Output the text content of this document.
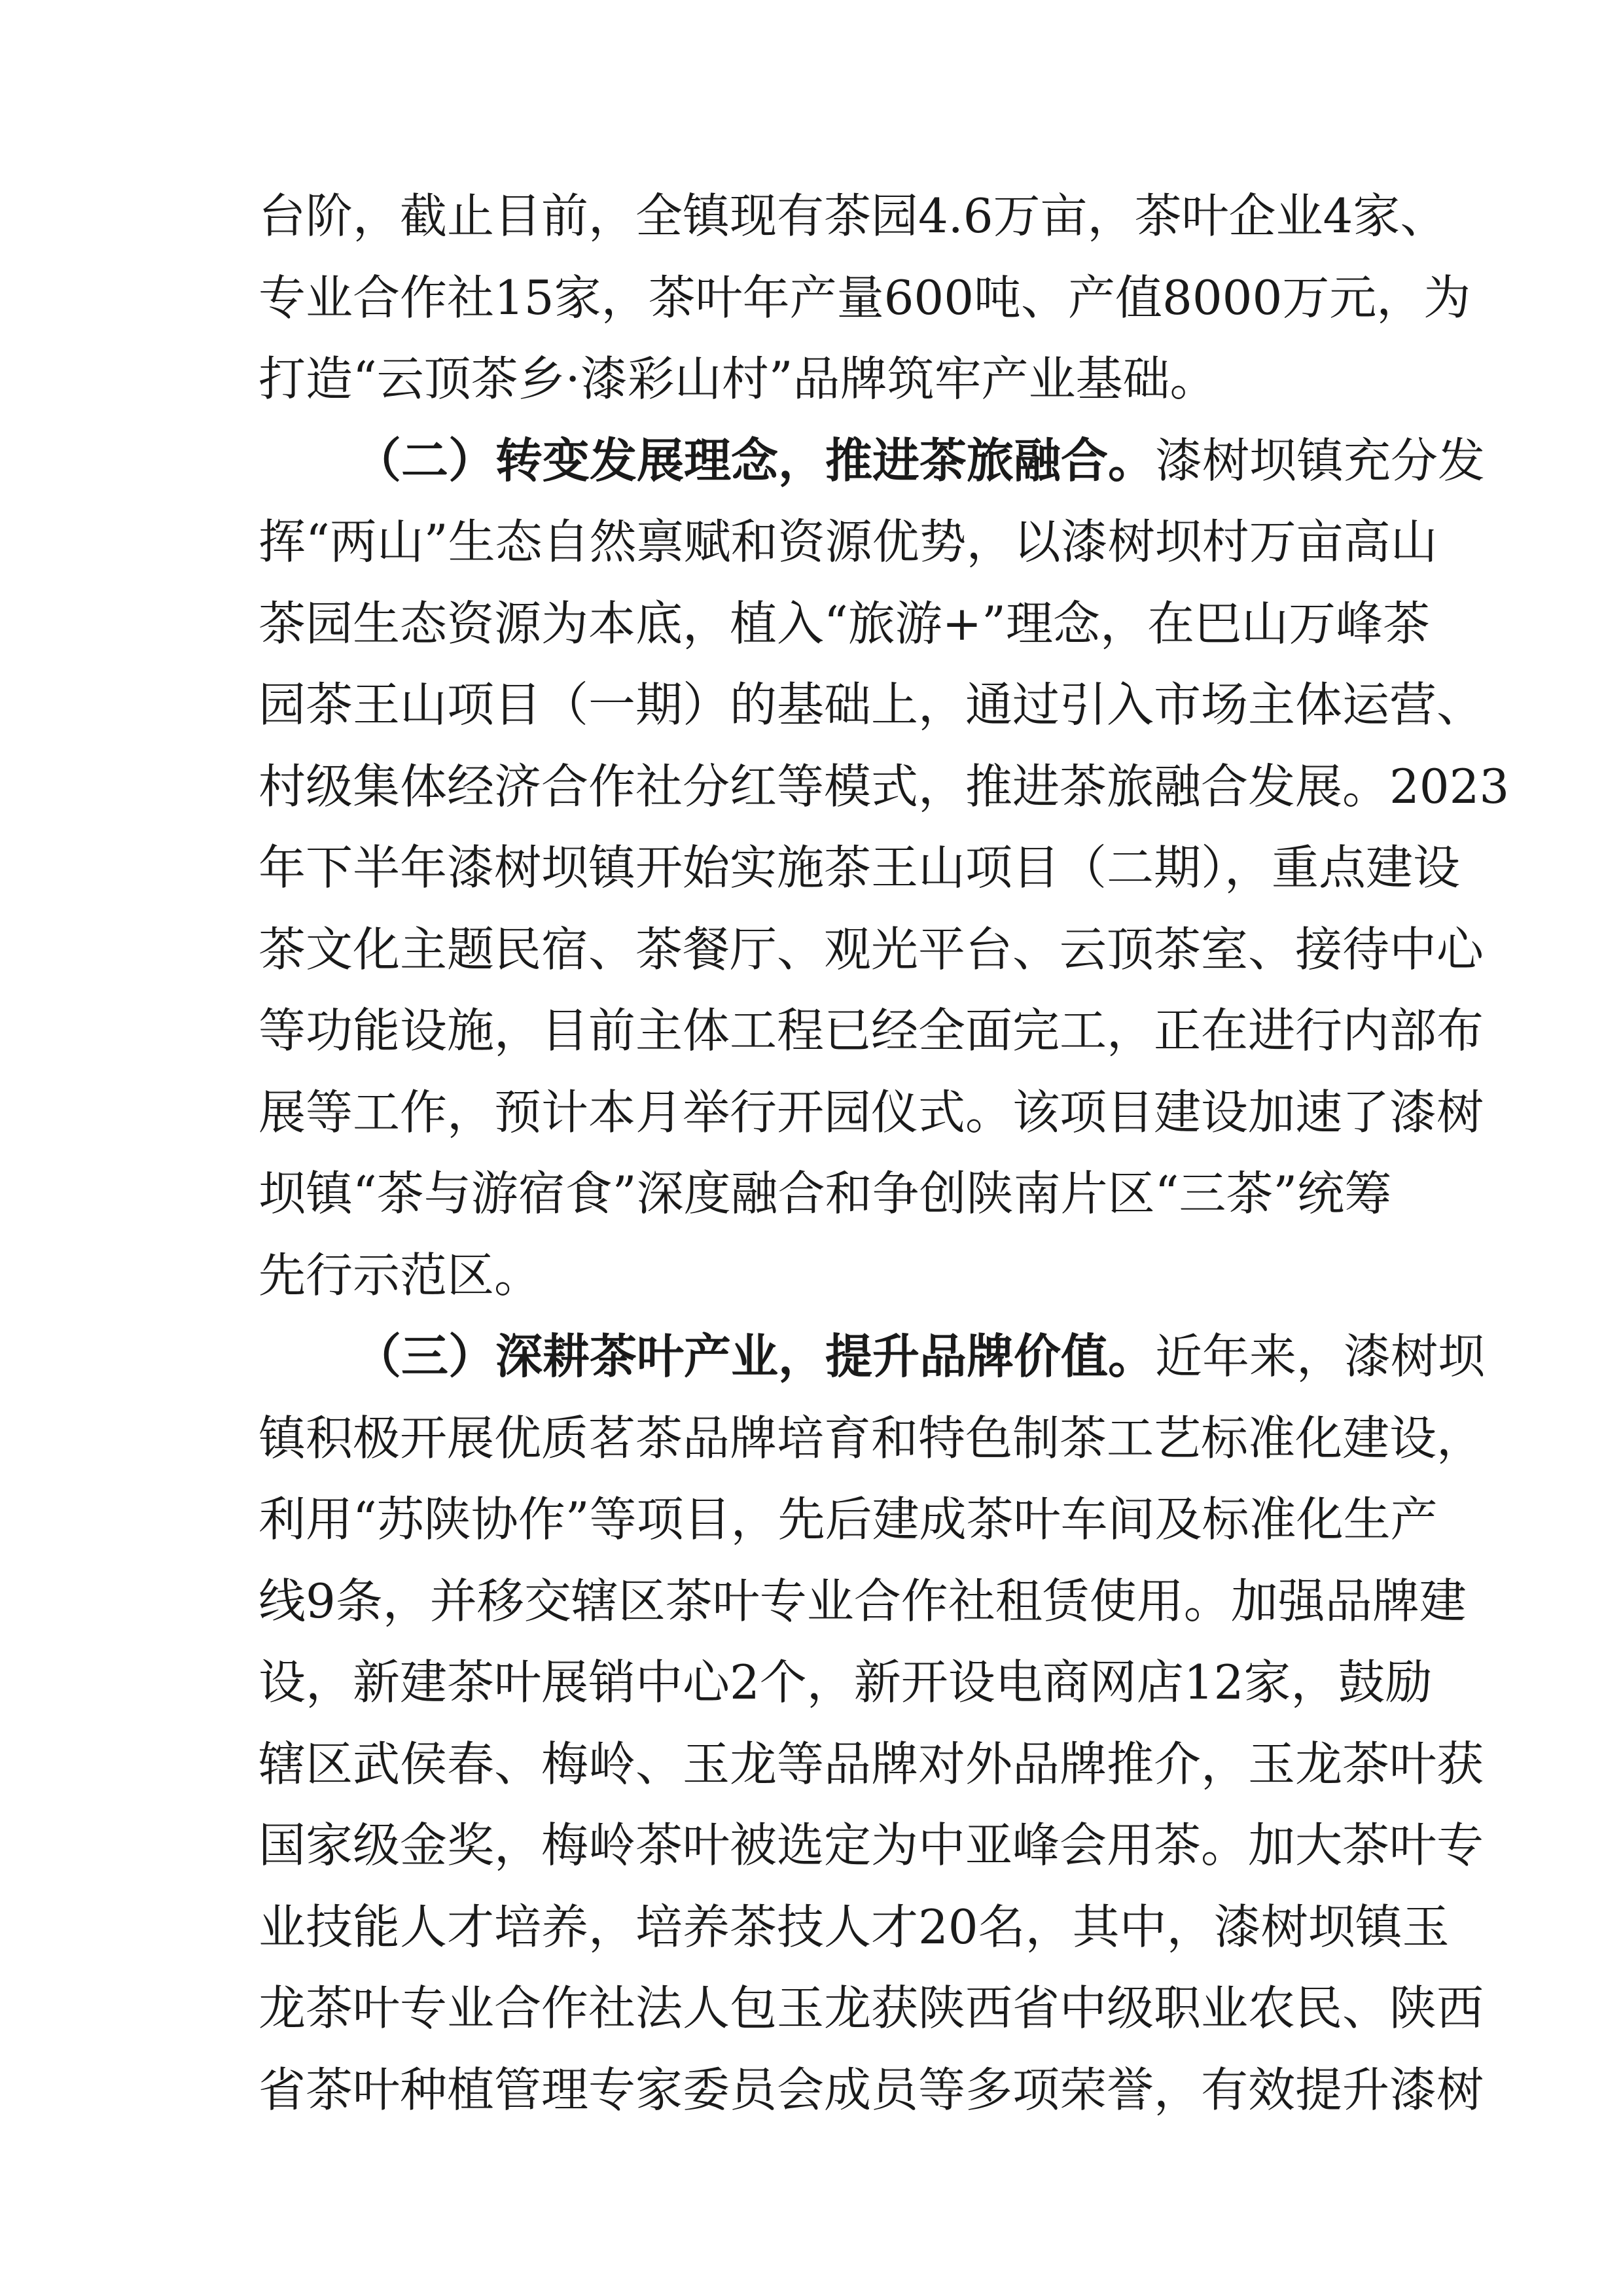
台阶，截止目前，全镇现有茶园4.6万亩，茶叶企业4家、
专业合作社15家，茶叶年产量600吨、产值8000万元，为
打造“云顶茶乡·漆彩山村”品牌筑牢产业基础。
（二）转变发展理念，推进茶旅融合。漆树坝镇充分发
挥“两山”生态自然禀赋和资源优势，以漆树坝村万亩高山
茶园生态资源为本底，植入“旅游+”理念，在巴山万峰茶
园茶王山项目（一期）的基础上，通过引入市场主体运营、
村级集体经济合作社分红等模式，推进茶旅融合发展。2023
年下半年漆树坝镇开始实施茶王山项目（二期），重点建设
茶文化主题民宿、茶餐厅、观光平台、云顶茶室、接待中心
等功能设施，目前主体工程已经全面完工，正在进行内部布
展等工作，预计本月举行开园仪式。该项目建设加速了漆树
坝镇“茶与游宿食”深度融合和争创陕南片区“三茶”统筹
先行示范区。
（三）深耕茶叶产业，提升品牌价值。近年来，漆树坝
镇积极开展优质茗茶品牌培育和特色制茶工艺标准化建设，
利用“苏陕协作”等项目，先后建成茶叶车间及标准化生产
线9条，并移交辖区茶叶专业合作社租赁使用。加强品牌建
设，新建茶叶展销中心2个，新开设电商网店12家，鼓励
辖区武侯春、梅岭、玉龙等品牌对外品牌推介，玉龙茶叶获
国家级金奖，梅岭茶叶被选定为中亚峰会用茶。加大茶叶专
业技能人才培养，培养茶技人才20名，其中，漆树坝镇玉
龙茶叶专业合作社法人包玉龙获陕西省中级职业农民、陕西
省茶叶种植管理专家委员会成员等多项荣誉，有效提升漆树
